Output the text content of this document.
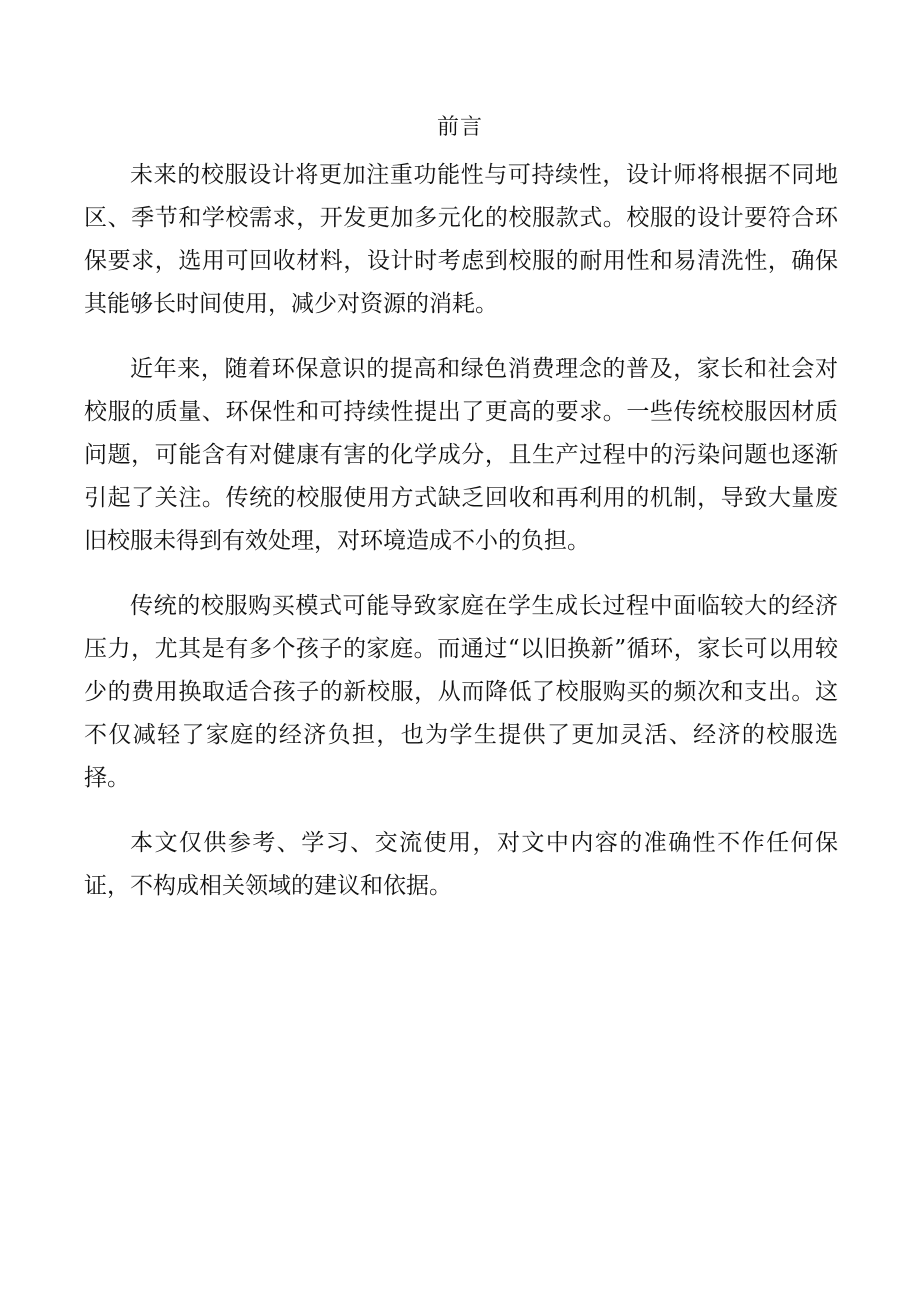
前言

未来的校服设计将更加注重功能性与可持续性，设计师将根据不同地区、季节和学校需求，开发更加多元化的校服款式。校服的设计要符合环保要求，选用可回收材料，设计时考虑到校服的耐用性和易清洗性，确保其能够长时间使用，减少对资源的消耗。

近年来，随着环保意识的提高和绿色消费理念的普及，家长和社会对校服的质量、环保性和可持续性提出了更高的要求。一些传统校服因材质问题，可能含有对健康有害的化学成分，且生产过程中的污染问题也逐渐引起了关注。传统的校服使用方式缺乏回收和再利用的机制，导致大量废旧校服未得到有效处理，对环境造成不小的负担。

传统的校服购买模式可能导致家庭在学生成长过程中面临较大的经济压力，尤其是有多个孩子的家庭。而通过“以旧换新”循环，家长可以用较少的费用换取适合孩子的新校服，从而降低了校服购买的频次和支出。这不仅减轻了家庭的经济负担，也为学生提供了更加灵活、经济的校服选择。

本文仅供参考、学习、交流使用，对文中内容的准确性不作任何保证，不构成相关领域的建议和依据。
